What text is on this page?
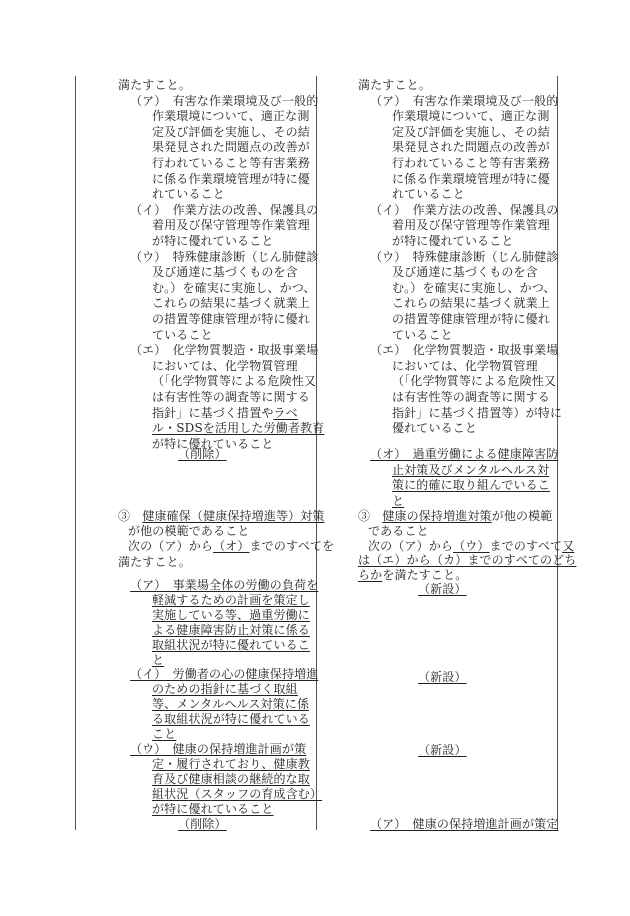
満たすこと。
（ア）　有害な作業環境及び一般的
作業環境について、適正な測
定及び評価を実施し、その結
果発見された問題点の改善が
行われていること等有害業務
に係る作業環境管理が特に優
れていること
（イ）　作業方法の改善、保護具の
着用及び保守管理等作業管理
が特に優れていること
（ウ）　特殊健康診断（じん肺健診
及び通達に基づくものを含
む。）を確実に実施し、かつ、
これらの結果に基づく就業上
の措置等健康管理が特に優れ
ていること
（エ）　化学物質製造・取扱事業場
においては、化学物質管理
（「化学物質等による危険性又
は有害性等の調査等に関する
指針」に基づく措置やラベ
ル・SDSを活用した労働者教育
が特に優れていること
（削除）
③　健康確保（健康保持増進等）対策
が他の模範であること
次の（ア）から（オ）までのすべてを
満たすこと。
（ア）　事業場全体の労働の負荷を
軽減するための計画を策定し
実施している等、過重労働に
よる健康障害防止対策に係る
取組状況が特に優れているこ
と
（イ）　労働者の心の健康保持増進
のための指針に基づく取組
等、メンタルヘルス対策に係
る取組状況が特に優れている
こと
（ウ）　健康の保持増進計画が策
定・履行されており、健康教
育及び健康相談の継続的な取
組状況（スタッフの育成含む）
が特に優れていること
（削除）
満たすこと。
（ア）　有害な作業環境及び一般的
作業環境について、適正な測
定及び評価を実施し、その結
果発見された問題点の改善が
行われていること等有害業務
に係る作業環境管理が特に優
れていること
（イ）　作業方法の改善、保護具の
着用及び保守管理等作業管理
が特に優れていること
（ウ）　特殊健康診断（じん肺健診
及び通達に基づくものを含
む。）を確実に実施し、かつ、
これらの結果に基づく就業上
の措置等健康管理が特に優れ
ていること
（エ）　化学物質製造・取扱事業場
においては、化学物質管理
（「化学物質等による危険性又
は有害性等の調査等に関する
指針」に基づく措置等）が特に
優れていること
（オ）　過重労働による健康障害防
止対策及びメンタルヘルス対
策に的確に取り組んでいるこ
と
③　健康の保持増進対策が他の模範
であること
次の（ア）から（ウ）までのすべて又
は（エ）から（カ）までのすべてのどち
らかを満たすこと。
（新設）
（新設）
（新設）
（ア）　健康の保持増進計画が策定
